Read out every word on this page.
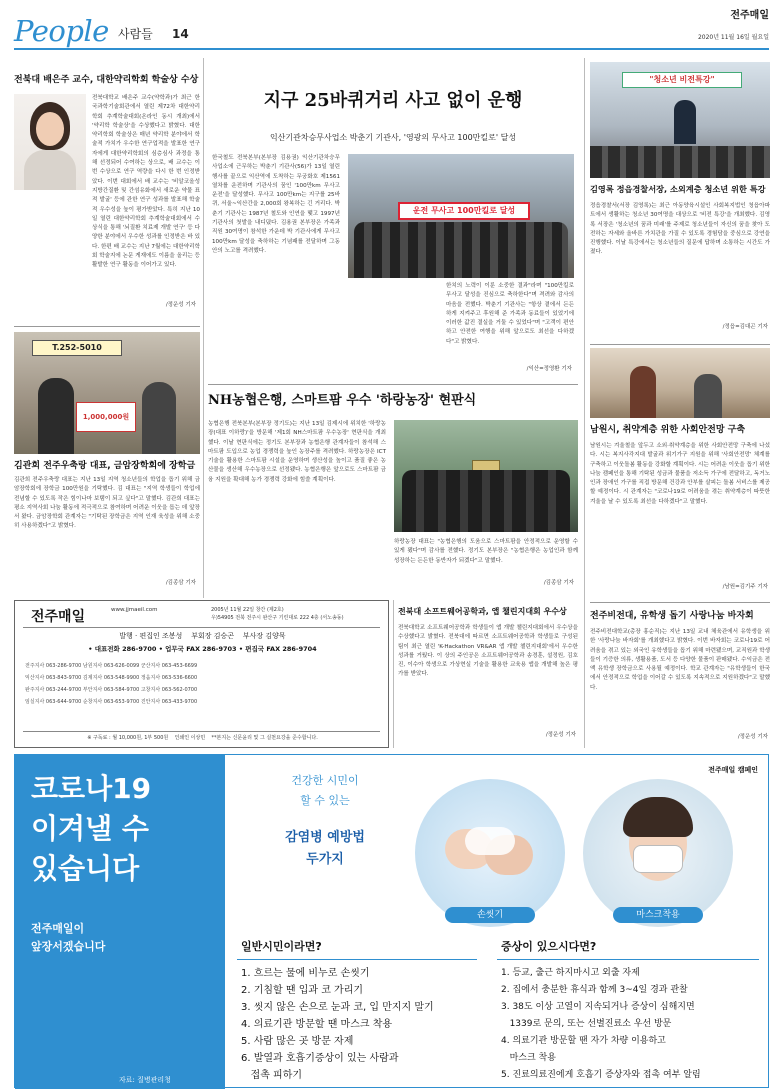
People 사람들 14
전주매일
2020년 11월 16일 월요일
전북대 배은주 교수, 대한약리학회 학술상 수상
전북대학교 배은주 교수(약학과)가 최근 한국과학기술회관에서 열린 제72차 대한약리학회 추계학술대회(온라인 동시 개최)에서 '약리학 학술상'을 수상했다고 밝혔다. 대한약리학회 학술상은 매년 약리학 분야에서 학술적 가치가 우수한 연구업적을 발표한 연구자에게 대한약리학회의 심층심사 과정을 통해 선정되어 수여하는 상으로, 배 교수는 이번 수상으로 연구 역량을 다시 한 번 인정받았다. 이번 대회에서 배 교수는 '비알코올성 지방간질환 및 간섬유화에서 새로운 약물 표적 발굴' 등에 관한 연구 성과를 발표해 학술적 우수성을 높이 평가받았다. 특히 지난 10일 열린 대한약리학회 추계학술대회에서 수상식을 통해 '뇌질환 치료제 개발 연구' 등 다양한 분야에서 우수한 성과를 인정받은 바 있다. 한편 배 교수는 지난 7월에는 대한약리학회 학술지에 논문 게재에도 이름을 올리는 등 활발한 연구 활동을 이어가고 있다.
/정운성 기자
T.252-5010
1,000,000원
김관희 전주우축랑 대표, 금암장학회에 장학금
김관희 전주우축랑 대표는 지난 13일 지역 청소년들의 학업을 돕기 위해 금암장학회에 장학금 100만원을 기탁했다. 김 대표는 "지역 학생들이 학업에 전념할 수 있도록 작은 힘이나마 보탬이 되고 싶다"고 말했다. 김관희 대표는 평소 지역사회 나눔 활동에 적극적으로 참여하며 어려운 이웃을 돕는 데 앞장서 왔다. 금암장학회 관계자는 "기탁된 장학금은 지역 인재 육성을 위해 소중히 사용하겠다"고 밝혔다.
/김종삼 기자
지구 25바퀴거리 사고 없이 운행
익산기관차승무사업소 박춘기 기관사, '영광의 무사고 100만킬로' 달성
한국철도 전북본부(본부장 김용권) 익산기관차승무사업소에 근무하는 박춘기 기관사(56)가 13일 열린 행사를 끝으로 익산역에 도착하는 무궁화호 제1561열차를 운전하며 기관사의 꿈인 '100만km 무사고 운전'을 달성했다. 무사고 100만km는 지구를 25바퀴, 서울~익산간을 2,000회 왕복하는 긴 거리다. 박춘기 기관사는 1987년 철도와 인연을 맺고 1997년 기관사의 첫발을 내디뎠다. 김용권 본부장은 가족과 직원 30여명이 참석한 가운데 박 기관사에게 무사고 100만km 달성을 축하하는 기념패를 전달하며 그동안의 노고를 격려했다.
운전 무사고 100만킬로 달성
한치의 노력이 이룬 소중한 결과"라며 "100만킬로 무사고 달성을 진심으로 축하한다"며 격려와 감사의 마음을 전했다. 박춘기 기관사는 "항상 곁에서 든든하게 지켜주고 후원해 준 가족과 동료들이 있었기에 이러한 값진 결실을 거둘 수 있었다"며 "고객이 편안하고 안전한 여행을 위해 앞으로도 최선을 다하겠다"고 밝혔다.
/익산=정영환 기자
NH농협은행, 스마트팜 우수 '하랑농장' 현판식
농협은행 전북본부(본부장 정기도)는 지난 13일 김제시에 위치한 '하랑농장(대표 이하랑)'을 방문해 '제1회 NH스마트팜 우수농장' 현판식을 개최했다. 이날 현판식에는 정기도 본부장과 농협은행 관계자들이 참석해 스마트팜 도입으로 농업 경쟁력을 높인 농장주를 격려했다. 하랑농장은 ICT 기술을 활용한 스마트팜 시설을 운영하며 생산성을 높이고 품질 좋은 농산물을 생산해 우수농장으로 선정됐다. 농협은행은 앞으로도 스마트팜 금융 지원을 확대해 농가 경쟁력 강화에 힘쓸 계획이다.
하랑농장 대표는 "농협은행의 도움으로 스마트팜을 안정적으로 운영할 수 있게 됐다"며 감사를 전했다. 정기도 본부장은 "농협은행은 농업인과 함께 성장하는 든든한 동반자가 되겠다"고 말했다.
/김종삼 기자
"청소년 비전특강"
김영록 정읍경찰서장, 소외계층 청소년 위한 특강
정읍경찰서(서장 김영록)는 최근 아동양육시설인 사회복지법인 청읍아파트에서 생활하는 청소년 30여명을 대상으로 '비전 특강'을 개최했다. 김영록 서장은 '청소년의 꿈과 미래'를 주제로 청소년들이 자신의 꿈을 찾아 도전하는 자세와 올바른 가치관을 가질 수 있도록 경험담을 중심으로 강연을 진행했다. 이날 특강에서는 청소년들의 질문에 답하며 소통하는 시간도 가졌다.
/정읍=김대곤 기자
남원시, 취약계층 위한 사회안전망 구축
남원시는 겨울철을 앞두고 소외·취약계층을 위한 사회안전망 구축에 나섰다. 시는 복지사각지대 발굴과 위기가구 지원을 위해 '사회안전망' 체계를 구축하고 이웃돌봄 활동을 강화할 계획이다. 시는 어려운 이웃을 돕기 위한 나눔 캠페인을 통해 기탁된 성금과 물품을 저소득 가구에 전달하고, 독거노인과 장애인 가구를 직접 방문해 건강과 안부를 살피는 돌봄 서비스를 제공할 예정이다. 시 관계자는 "코로나19로 어려움을 겪는 취약계층이 따뜻한 겨울을 날 수 있도록 최선을 다하겠다"고 말했다.
/남원=김기주 기자
전주비전대, 유학생 돕기 사랑나눔 바자회
전주비전대학교(총장 홍순직)는 지난 13일 교내 체육관에서 유학생을 위한 '사랑나눔 바자회'를 개최했다고 밝혔다. 이번 바자회는 코로나19로 어려움을 겪고 있는 외국인 유학생들을 돕기 위해 마련됐으며, 교직원과 학생들이 기증한 의류, 생활용품, 도서 등 다양한 물품이 판매됐다. 수익금은 전액 유학생 장학금으로 사용될 예정이다. 학교 관계자는 "유학생들이 한국에서 안정적으로 학업을 이어갈 수 있도록 지속적으로 지원하겠다"고 말했다.
/정운성 기자
전북대 소프트웨어공학과, 앱 챌린지대회 우수상
전북대학교 소프트웨어공학과 학생들이 앱 개발 챌린지대회에서 우수상을 수상했다고 밝혔다. 전북대에 따르면 소프트웨어공학과 학생들로 구성된 팀이 최근 열린 'K-Hackathon VR&AR 앱 개발 챌린지대회'에서 우수한 성과를 거뒀다. 이 상의 주인공은 소프트웨어공학과 송경훈, 설정원, 김호진, 이수아 학생으로 가상현실 기술을 활용한 교육용 앱을 개발해 높은 평가를 받았다.
/정운성 기자
전주매일	www.jjmaeil.com	2005년 11월 22일 창간 (제2호)
우)54905 전북 전주시 완산구 기린대로 222 4층 (서노송동)
발행 · 편집인 조봉성    부회장 김승곤    부사장 김양묵
• 대표전화 286-9700 • 업무국 FAX 286-9703 • 편집국 FAX 286-9704
전주지사 063-286-9700 남원지사 063-626-0099 군산지사 063-453-6699
익산지사 063-843-9700 김제지사 063-548-9900 정읍지사 063-536-6600
완주지사 063-244-9700 부안지사 063-584-9700 고창지사 063-562-0700
임실지사 063-644-9700 순창지사 063-653-9700 진안지사 063-433-9700
※ 구독료 : 월 10,000원, 1부 500원    인쇄인 이상민    **본지는 신문윤리 및 그 실천요강을 준수합니다.
코로나19
이겨낼 수
있습니다
전주매일이
앞장서겠습니다
자료: 질병관리청
전주매일 캠페인
건강한 시민이
할 수 있는
감염병 예방법
두가지
손씻기	마스크착용
일반시민이라면?
1. 흐르는 물에 비누로 손씻기
2. 기침할 땐 입과 코 가리기
3. 씻지 않은 손으로 눈과 코, 입 만지지 말기
4. 의료기관 방문할 땐 마스크 착용
5. 사람 많은 곳 방문 자제
6. 발열과 호흡기증상이 있는 사람과
접촉 피하기
증상이 있으시다면?
1. 등교, 출근 하지마시고 외출 자제
2. 집에서 충분한 휴식과 함께 3~4일 경과 관찰
3. 38도 이상 고열이 지속되거나 증상이 심해지면
1339로 문의, 또는 선별진료소 우선 방문
4. 의료기관 방문할 땐 자가 차량 이용하고
마스크 착용
5. 진료의료진에게 호흡기 증상자와 접촉 여부 알림
